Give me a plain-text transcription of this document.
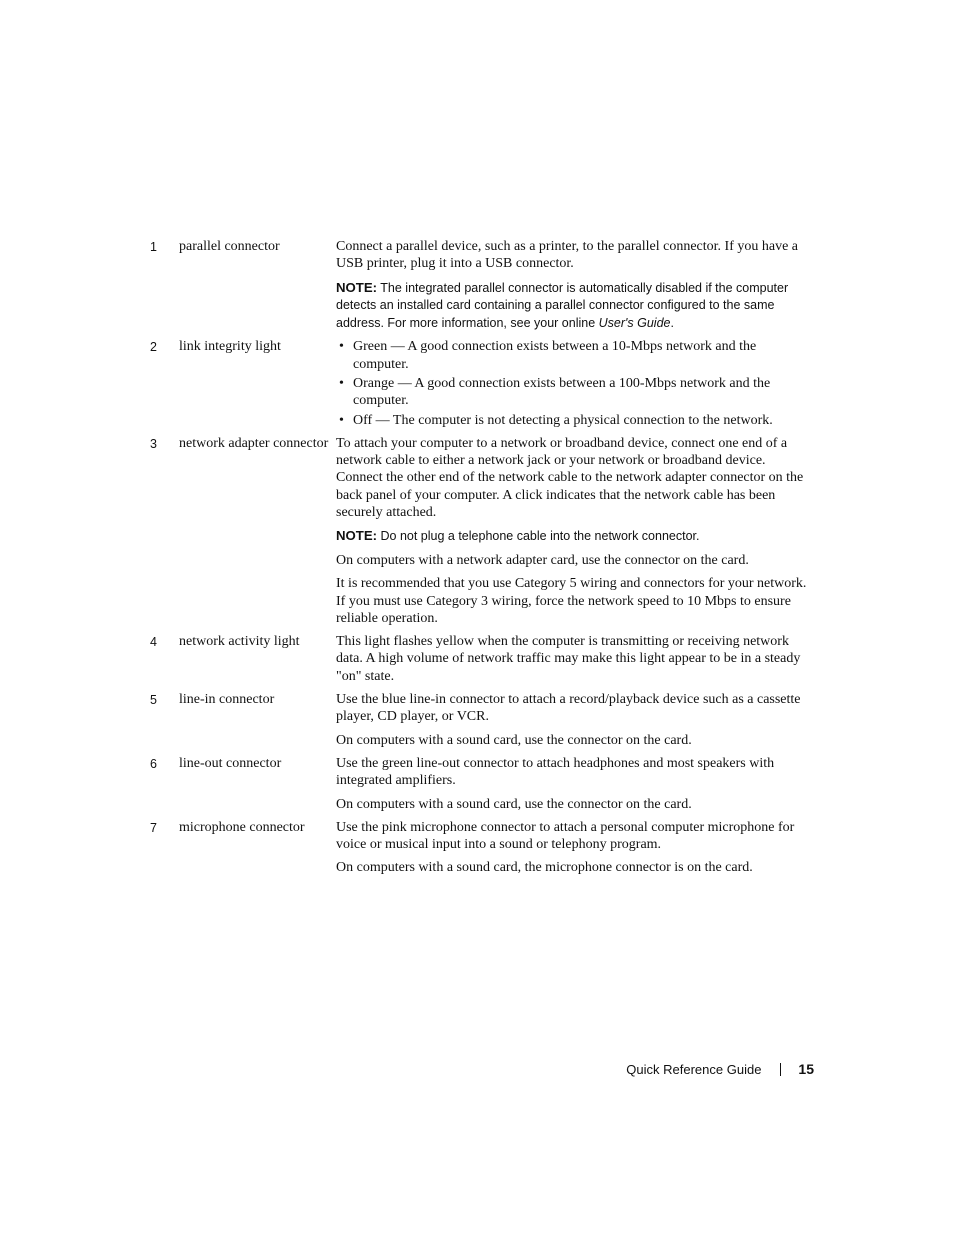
1	parallel connector	Connect a parallel device, such as a printer, to the parallel connector. If you have a USB printer, plug it into a USB connector.

NOTE: The integrated parallel connector is automatically disabled if the computer detects an installed card containing a parallel connector configured to the same address. For more information, see your online User's Guide.

2	link integrity light
•	Green — A good connection exists between a 10-Mbps network and the computer.
• Orange — A good connection exists between a 100-Mbps network and the computer.
• Off — The computer is not detecting a physical connection to the network.
3	network adapter connector To attach your computer to a network or broadband device, connect one end of a network cable to either a network jack or your network or broadband device. Connect the other end of the network cable to the network adapter connector on the back panel of your computer. A click indicates that the network cable has been securely attached.

NOTE: Do not plug a telephone cable into the network connector.

On computers with a network adapter card, use the connector on the card.

It is recommended that you use Category 5 wiring and connectors for your network. If you must use Category 3 wiring, force the network speed to 10 Mbps to ensure reliable operation.

4	network activity light	This light flashes yellow when the computer is transmitting or receiving network data. A high volume of network traffic may make this light appear to be in a steady "on" state.

5	line-in connector	Use the blue line-in connector to attach a record/playback device such as a cassette player, CD player, or VCR.

On computers with a sound card, use the connector on the card.

6	line-out connector	Use the green line-out connector to attach headphones and most speakers with integrated amplifiers.

On computers with a sound card, use the connector on the card.

7	microphone connector	Use the pink microphone connector to attach a personal computer microphone for voice or musical input into a sound or telephony program.

On computers with a sound card, the microphone connector is on the card.

Quick Reference Guide	15
